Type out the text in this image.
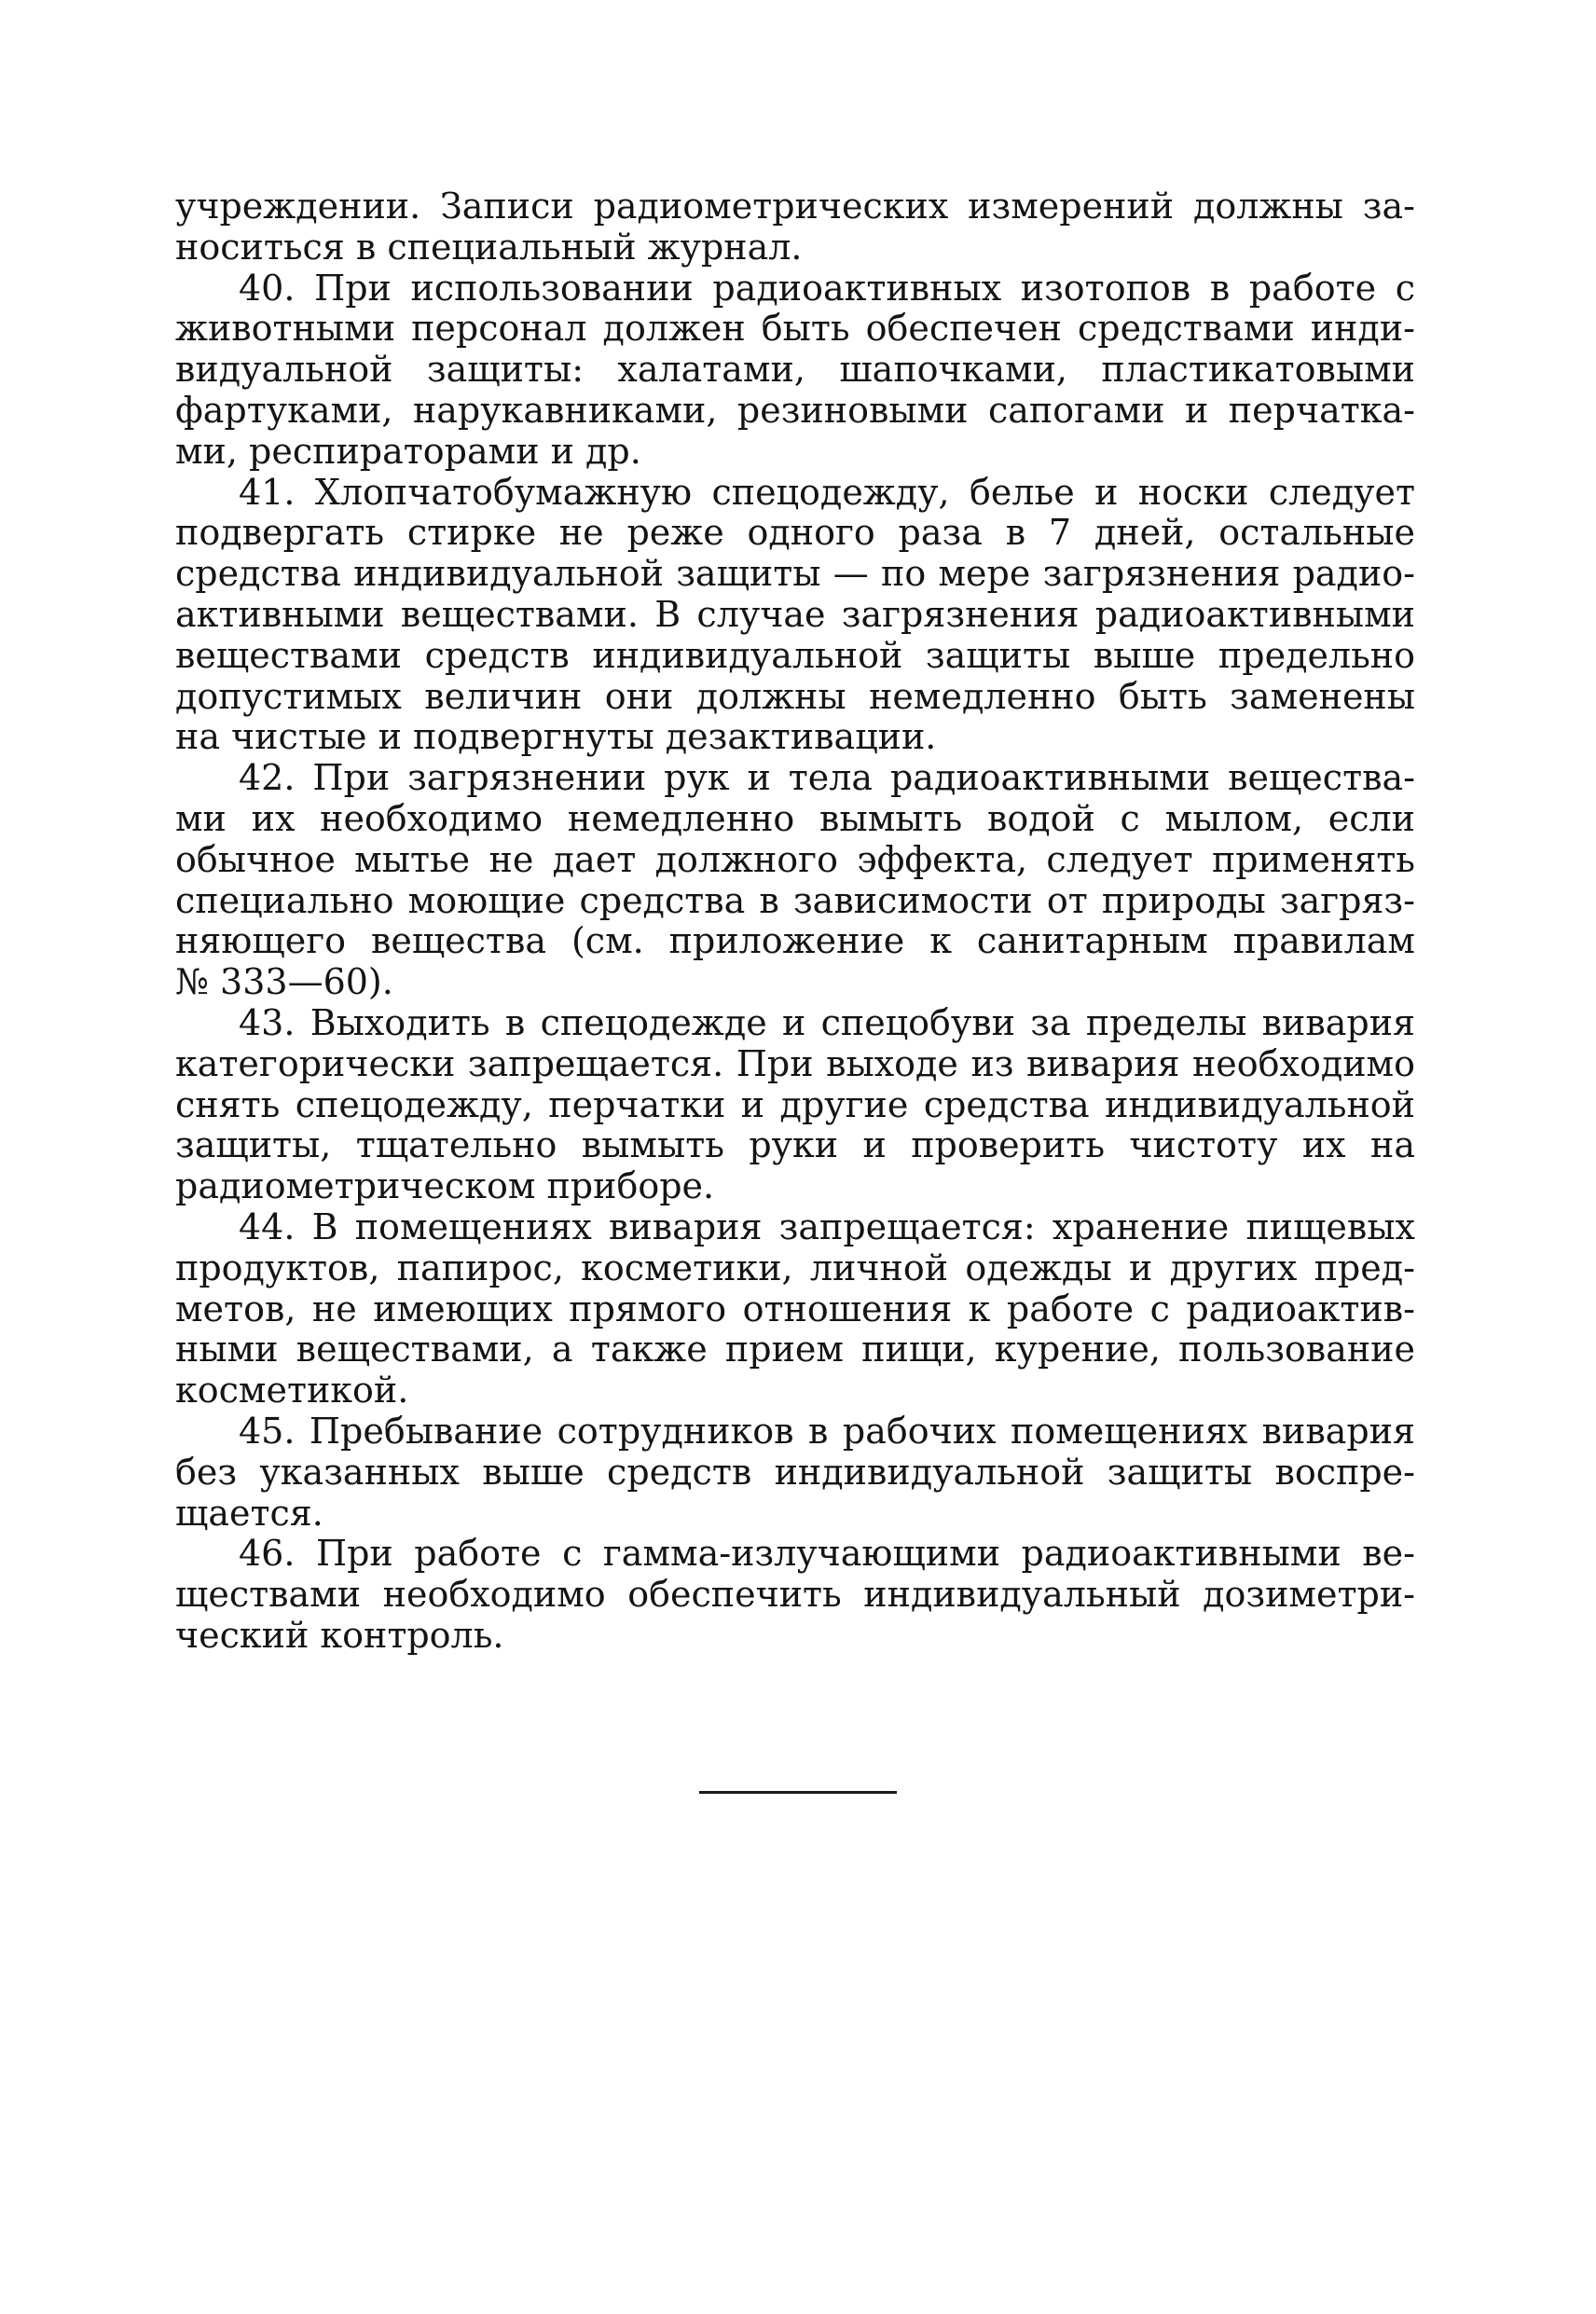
учреждении. Записи радиометрических измерений должны за-
носиться в специальный журнал.
40. При использовании радиоактивных изотопов в работе с
животными персонал должен быть обеспечен средствами инди-
видуальной защиты: халатами, шапочками, пластикатовыми
фартуками, нарукавниками, резиновыми сапогами и перчатка-
ми, респираторами и др.
41. Хлопчатобумажную спецодежду, белье и носки следует
подвергать стирке не реже одного раза в 7 дней, остальные
средства индивидуальной защиты — по мере загрязнения радио-
активными веществами. В случае загрязнения радиоактивными
веществами средств индивидуальной защиты выше предельно
допустимых величин они должны немедленно быть заменены
на чистые и подвергнуты дезактивации.
42. При загрязнении рук и тела радиоактивными вещества-
ми их необходимо немедленно вымыть водой с мылом, если
обычное мытье не дает должного эффекта, следует применять
специально моющие средства в зависимости от природы загряз-
няющего вещества (см. приложение к санитарным правилам
№ 333—60).
43. Выходить в спецодежде и спецобуви за пределы вивария
категорически запрещается. При выходе из вивария необходимо
снять спецодежду, перчатки и другие средства индивидуальной
защиты, тщательно вымыть руки и проверить чистоту их на
радиометрическом приборе.
44. В помещениях вивария запрещается: хранение пищевых
продуктов, папирос, косметики, личной одежды и других пред-
метов, не имеющих прямого отношения к работе с радиоактив-
ными веществами, а также прием пищи, курение, пользование
косметикой.
45. Пребывание сотрудников в рабочих помещениях вивария
без указанных выше средств индивидуальной защиты воспре-
щается.
46. При работе с гамма-излучающими радиоактивными ве-
ществами необходимо обеспечить индивидуальный дозиметри-
ческий контроль.
